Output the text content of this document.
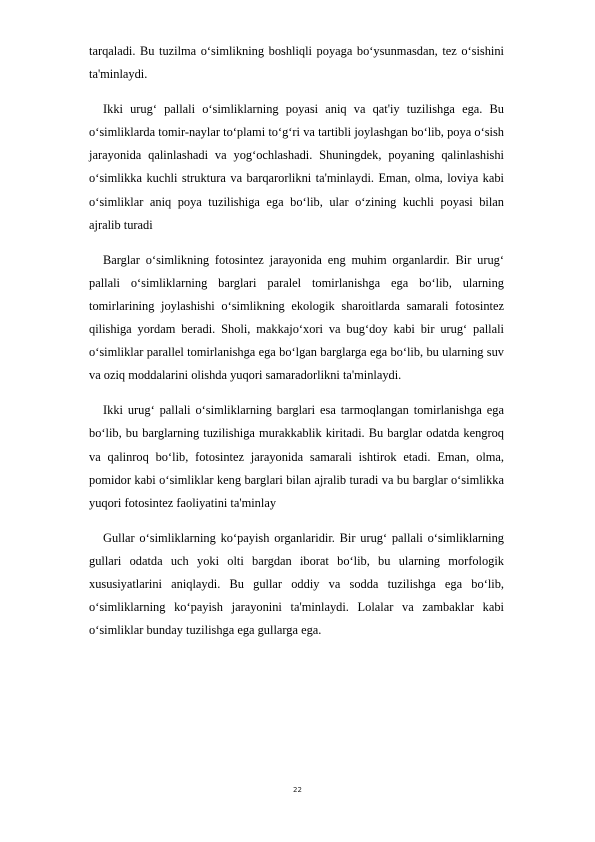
tarqaladi. Bu tuzilma o‘simlikning boshliqli poyaga bo‘ysunmasdan, tez o‘sishini ta'minlaydi.

Ikki urug‘ pallali o‘simliklarning poyasi aniq va qat'iy tuzilishga ega. Bu o‘simliklarda tomir-naylar to‘plami to‘g‘ri va tartibli joylashgan bo‘lib, poya o‘sish jarayonida qalinlashadi va yog‘ochlashadi. Shuningdek, poyaning qalinlashishi o‘simlikka kuchli struktura va barqarorlikni ta'minlaydi. Eman, olma, loviya kabi o‘simliklar aniq poya tuzilishiga ega bo‘lib, ular o‘zining kuchli poyasi bilan ajralib turadi

Barglar o‘simlikning fotosintez jarayonida eng muhim organlardir. Bir urug‘ pallali o‘simliklarning barglari paralel tomirlanishga ega bo‘lib, ularning tomirlarining joylashishi o‘simlikning ekologik sharoitlarda samarali fotosintez qilishiga yordam beradi. Sholi, makkajo‘xori va bug‘doy kabi bir urug‘ pallali o‘simliklar parallel tomirlanishga ega bo‘lgan barglarga ega bo‘lib, bu ularning suv va oziq moddalarini olishda yuqori samaradorlikni ta'minlaydi.

Ikki urug‘ pallali o‘simliklarning barglari esa tarmoqlangan tomirlanishga ega bo‘lib, bu barglarning tuzilishiga murakkablik kiritadi. Bu barglar odatda kengroq va qalinroq bo‘lib, fotosintez jarayonida samarali ishtirok etadi. Eman, olma, pomidor kabi o‘simliklar keng barglari bilan ajralib turadi va bu barglar o‘simlikka yuqori fotosintez faoliyatini ta'minlay

Gullar o‘simliklarning ko‘payish organlaridir. Bir urug‘ pallali o‘simliklarning gullari odatda uch yoki olti bargdan iborat bo‘lib, bu ularning morfologik xususiyatlarini aniqlaydi. Bu gullar oddiy va sodda tuzilishga ega bo‘lib, o‘simliklarning ko‘payish jarayonini ta'minlaydi. Lolalar va zambaklar kabi o‘simliklar bunday tuzilishga ega gullarga ega.

22
